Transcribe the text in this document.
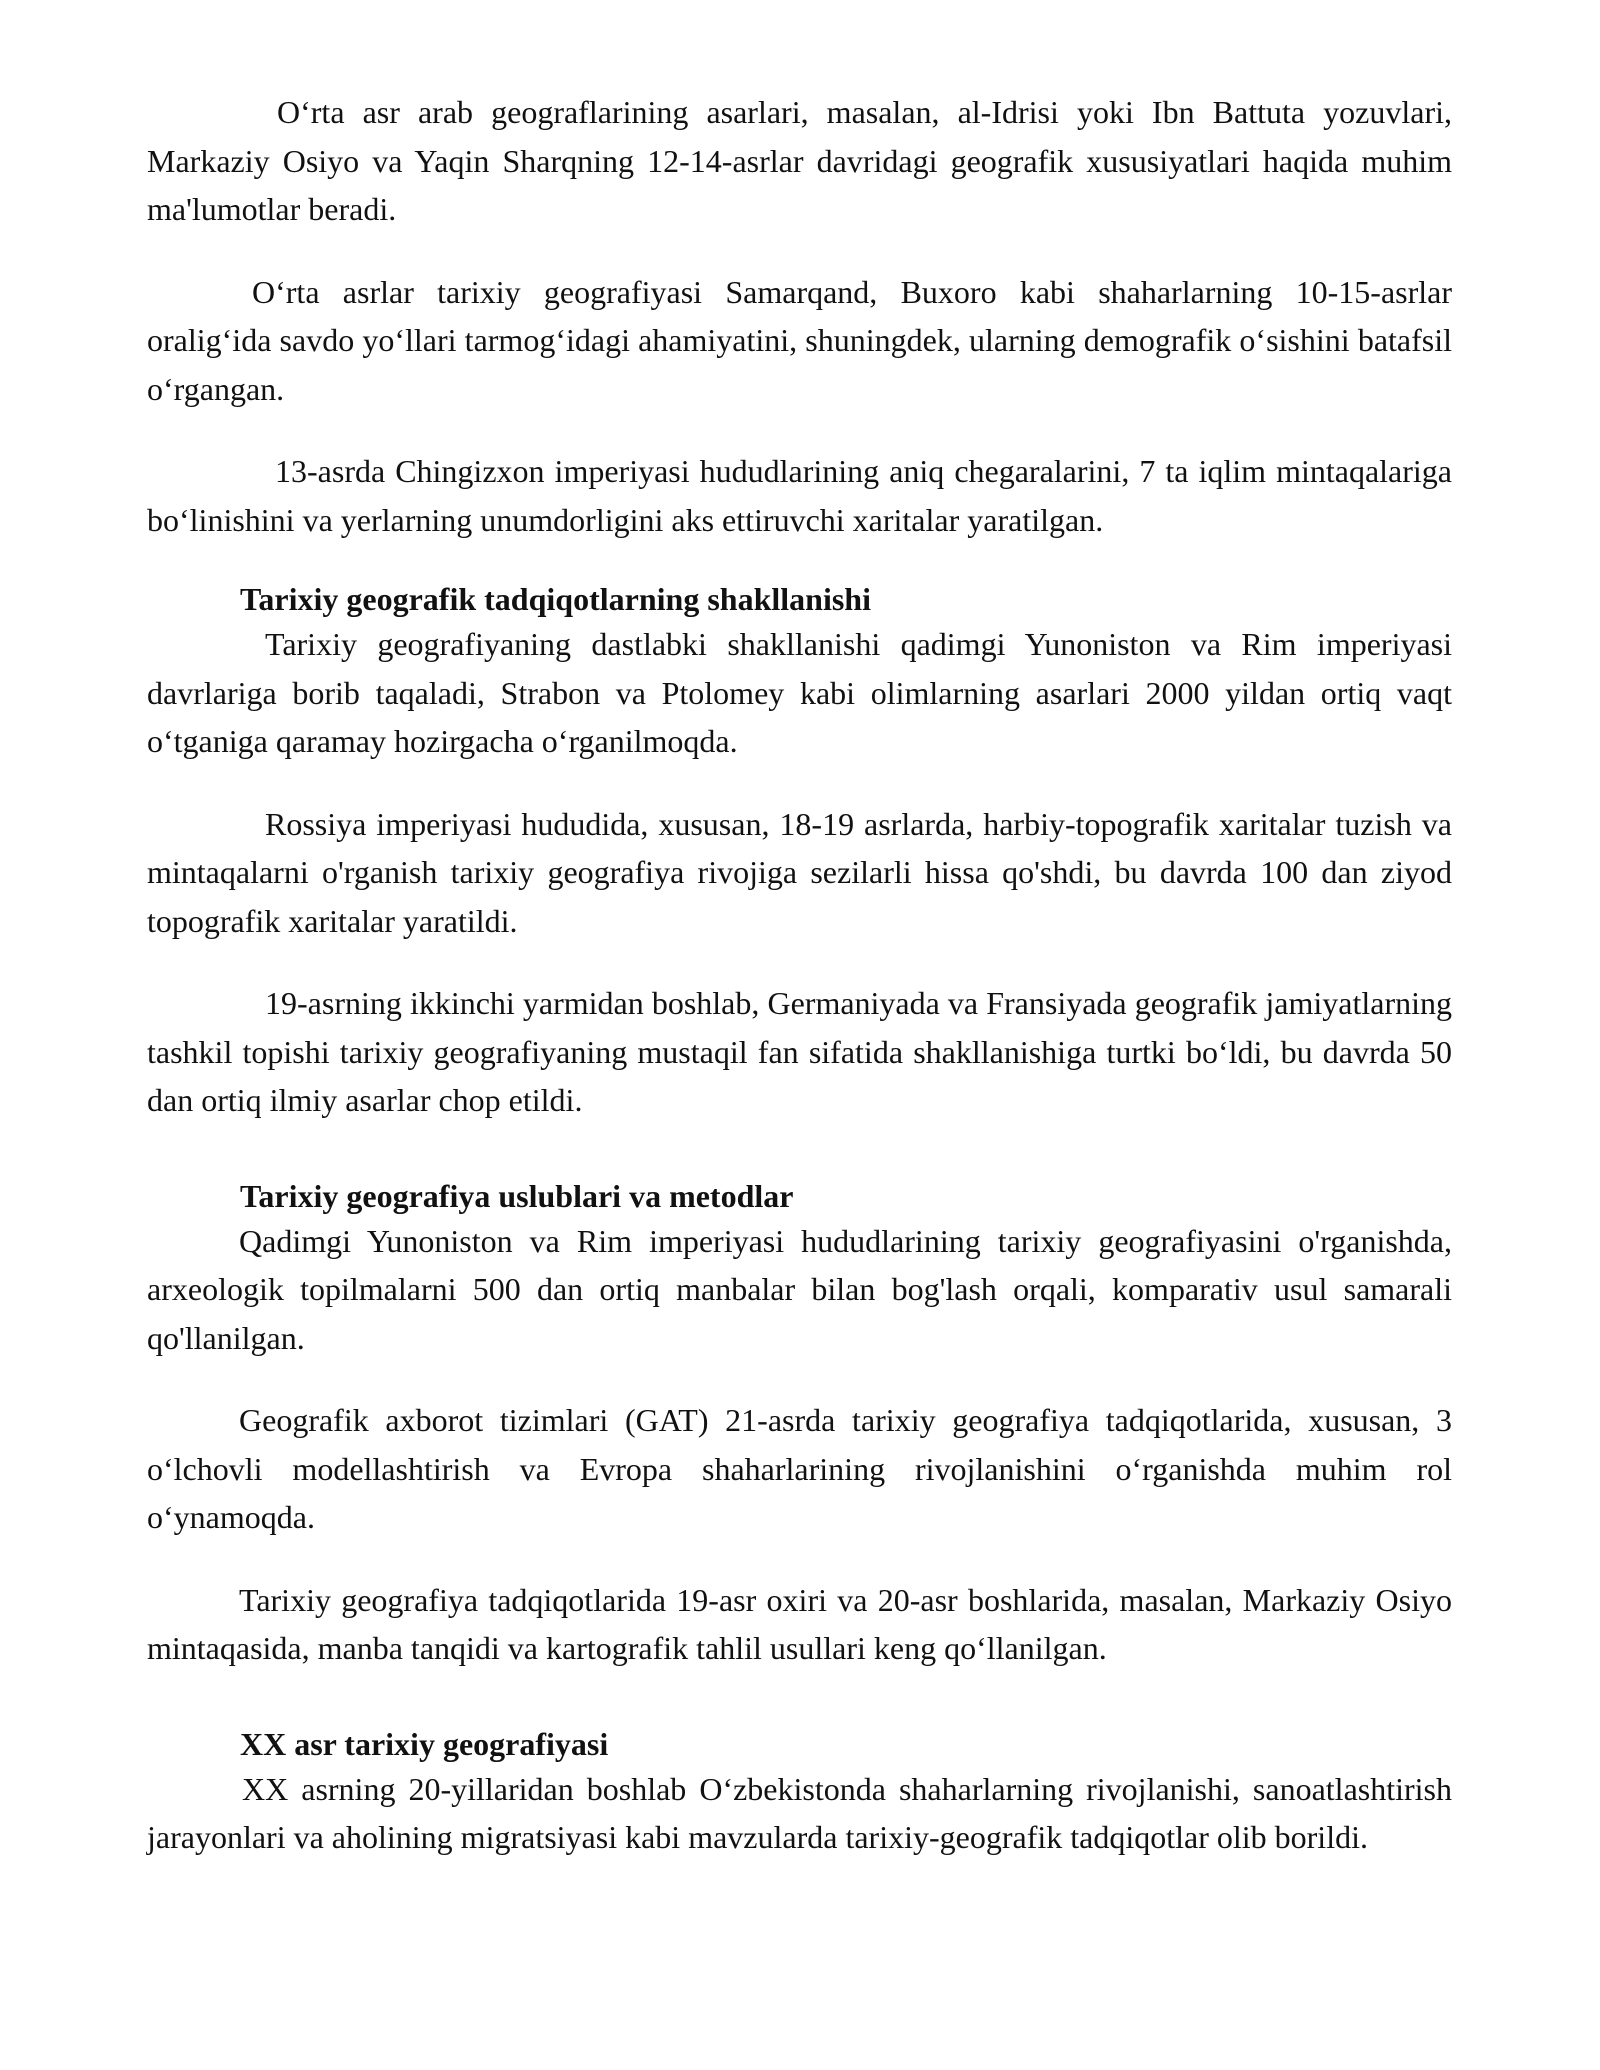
Oʻrta asr arab geograflarining asarlari, masalan, al-Idrisi yoki Ibn Battuta yozuvlari, Markaziy Osiyo va Yaqin Sharqning 12-14-asrlar davridagi geografik xususiyatlari haqida muhim ma'lumotlar beradi.

Oʻrta asrlar tarixiy geografiyasi Samarqand, Buxoro kabi shaharlarning 10-15-asrlar oraligʻida savdo yoʻllari tarmogʻidagi ahamiyatini, shuningdek, ularning demografik oʻsishini batafsil oʻrgangan.

13-asrda Chingizxon imperiyasi hududlarining aniq chegaralarini, 7 ta iqlim mintaqalariga boʻlinishini va yerlarning unumdorligini aks ettiruvchi xaritalar yaratilgan.

Tarixiy geografik tadqiqotlarning shakllanishi

Tarixiy geografiyaning dastlabki shakllanishi qadimgi Yunoniston va Rim imperiyasi davrlariga borib taqaladi, Strabon va Ptolomey kabi olimlarning asarlari 2000 yildan ortiq vaqt oʻtganiga qaramay hozirgacha oʻrganilmoqda.

Rossiya imperiyasi hududida, xususan, 18-19 asrlarda, harbiy-topografik xaritalar tuzish va mintaqalarni o'rganish tarixiy geografiya rivojiga sezilarli hissa qo'shdi, bu davrda 100 dan ziyod topografik xaritalar yaratildi.

19-asrning ikkinchi yarmidan boshlab, Germaniyada va Fransiyada geografik jamiyatlarning tashkil topishi tarixiy geografiyaning mustaqil fan sifatida shakllanishiga turtki boʻldi, bu davrda 50 dan ortiq ilmiy asarlar chop etildi.

Tarixiy geografiya uslublari va metodlar

Qadimgi Yunoniston va Rim imperiyasi hududlarining tarixiy geografiyasini o'rganishda, arxeologik topilmalarni 500 dan ortiq manbalar bilan bog'lash orqali, komparativ usul samarali qo'llanilgan.

Geografik axborot tizimlari (GAT) 21-asrda tarixiy geografiya tadqiqotlarida, xususan, 3 oʻlchovli modellashtirish va Evropa shaharlarining rivojlanishini oʻrganishda muhim rol oʻynamoqda.

Tarixiy geografiya tadqiqotlarida 19-asr oxiri va 20-asr boshlarida, masalan, Markaziy Osiyo mintaqasida, manba tanqidi va kartografik tahlil usullari keng qoʻllanilgan.

XX asr tarixiy geografiyasi

XX asrning 20-yillaridan boshlab Oʻzbekistonda shaharlarning rivojlanishi, sanoatlashtirish jarayonlari va aholining migratsiyasi kabi mavzularda tarixiy-geografik tadqiqotlar olib borildi.
